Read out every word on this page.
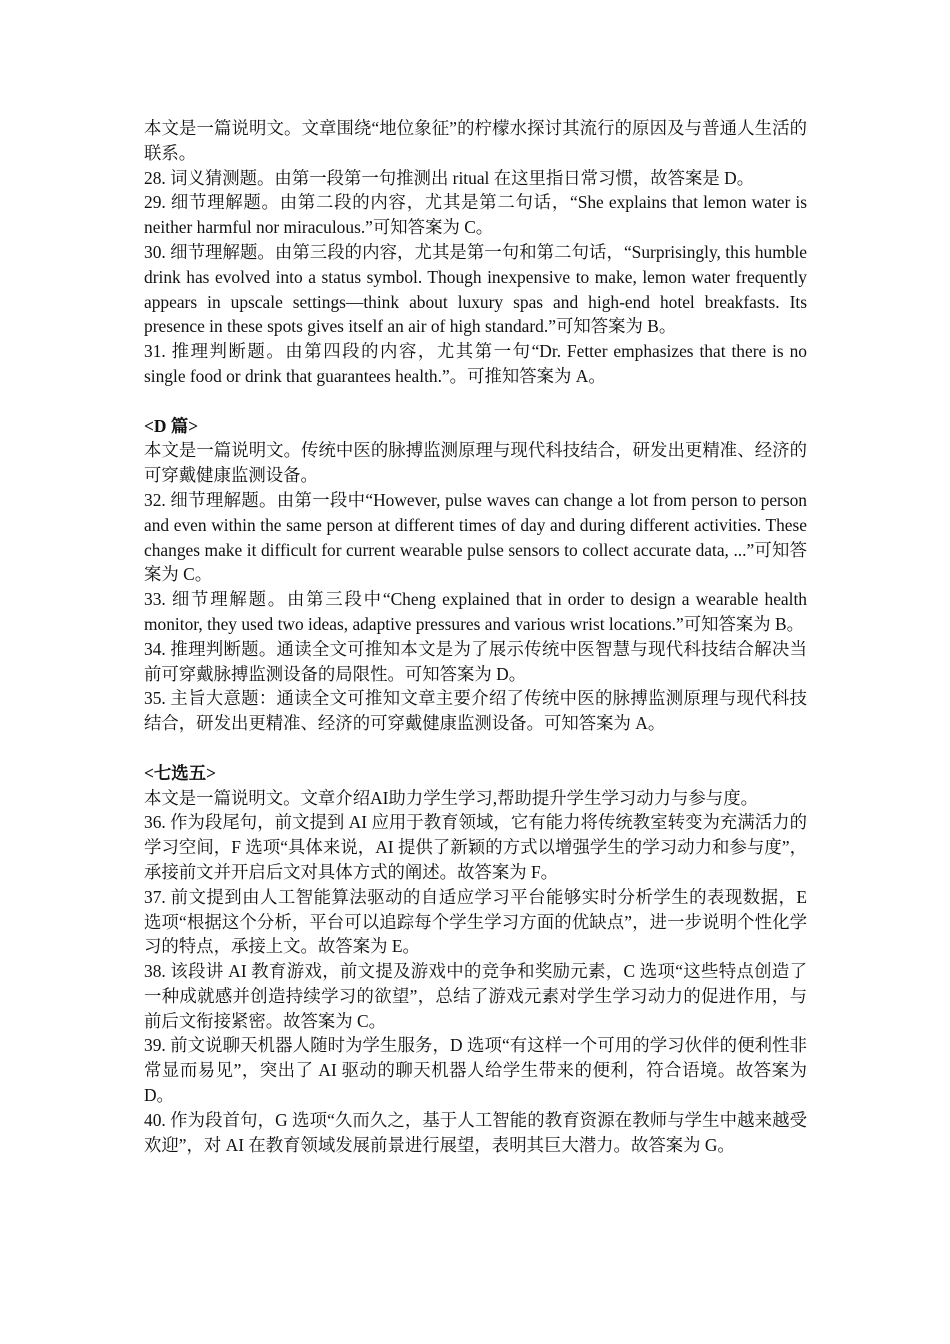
本文是一篇说明文。文章围绕“地位象征”的柠檬水探讨其流行的原因及与普通人生活的联系。

28. 词义猜测题。由第一段第一句推测出 ritual 在这里指日常习惯，故答案是 D。

29. 细节理解题。由第二段的内容，尤其是第二句话，“She explains that lemon water is neither harmful nor miraculous.”可知答案为 C。

30. 细节理解题。由第三段的内容，尤其是第一句和第二句话，“Surprisingly, this humble drink has evolved into a status symbol. Though inexpensive to make, lemon water frequently appears in upscale settings—think about luxury spas and high-end hotel breakfasts. Its presence in these spots gives itself an air of high standard.”可知答案为 B。

31. 推理判断题。由第四段的内容，尤其第一句“Dr. Fetter emphasizes that there is no single food or drink that guarantees health.”。可推知答案为 A。

<D 篇>

本文是一篇说明文。传统中医的脉搏监测原理与现代科技结合，研发出更精准、经济的可穿戴健康监测设备。

32. 细节理解题。由第一段中“However, pulse waves can change a lot from person to person and even within the same person at different times of day and during different activities. These changes make it difficult for current wearable pulse sensors to collect accurate data, ...”可知答案为 C。

33. 细节理解题。由第三段中“Cheng explained that in order to design a wearable health monitor, they used two ideas, adaptive pressures and various wrist locations.”可知答案为 B。

34. 推理判断题。通读全文可推知本文是为了展示传统中医智慧与现代科技结合解决当前可穿戴脉搏监测设备的局限性。可知答案为 D。

35. 主旨大意题：通读全文可推知文章主要介绍了传统中医的脉搏监测原理与现代科技结合，研发出更精准、经济的可穿戴健康监测设备。可知答案为 A。

<七选五>

本文是一篇说明文。文章介绍AI助力学生学习,帮助提升学生学习动力与参与度。

36. 作为段尾句，前文提到 AI 应用于教育领域，它有能力将传统教室转变为充满活力的学习空间，F 选项“具体来说，AI 提供了新颖的方式以增强学生的学习动力和参与度”，承接前文并开启后文对具体方式的阐述。故答案为 F。

37. 前文提到由人工智能算法驱动的自适应学习平台能够实时分析学生的表现数据，E 选项“根据这个分析，平台可以追踪每个学生学习方面的优缺点”，进一步说明个性化学习的特点，承接上文。故答案为 E。

38. 该段讲 AI 教育游戏，前文提及游戏中的竞争和奖励元素，C 选项“这些特点创造了一种成就感并创造持续学习的欲望”，总结了游戏元素对学生学习动力的促进作用，与前后文衔接紧密。故答案为 C。

39. 前文说聊天机器人随时为学生服务，D 选项“有这样一个可用的学习伙伴的便利性非常显而易见”，突出了 AI 驱动的聊天机器人给学生带来的便利，符合语境。故答案为 D。

40. 作为段首句，G 选项“久而久之，基于人工智能的教育资源在教师与学生中越来越受欢迎”，对 AI 在教育领域发展前景进行展望，表明其巨大潜力。故答案为 G。
